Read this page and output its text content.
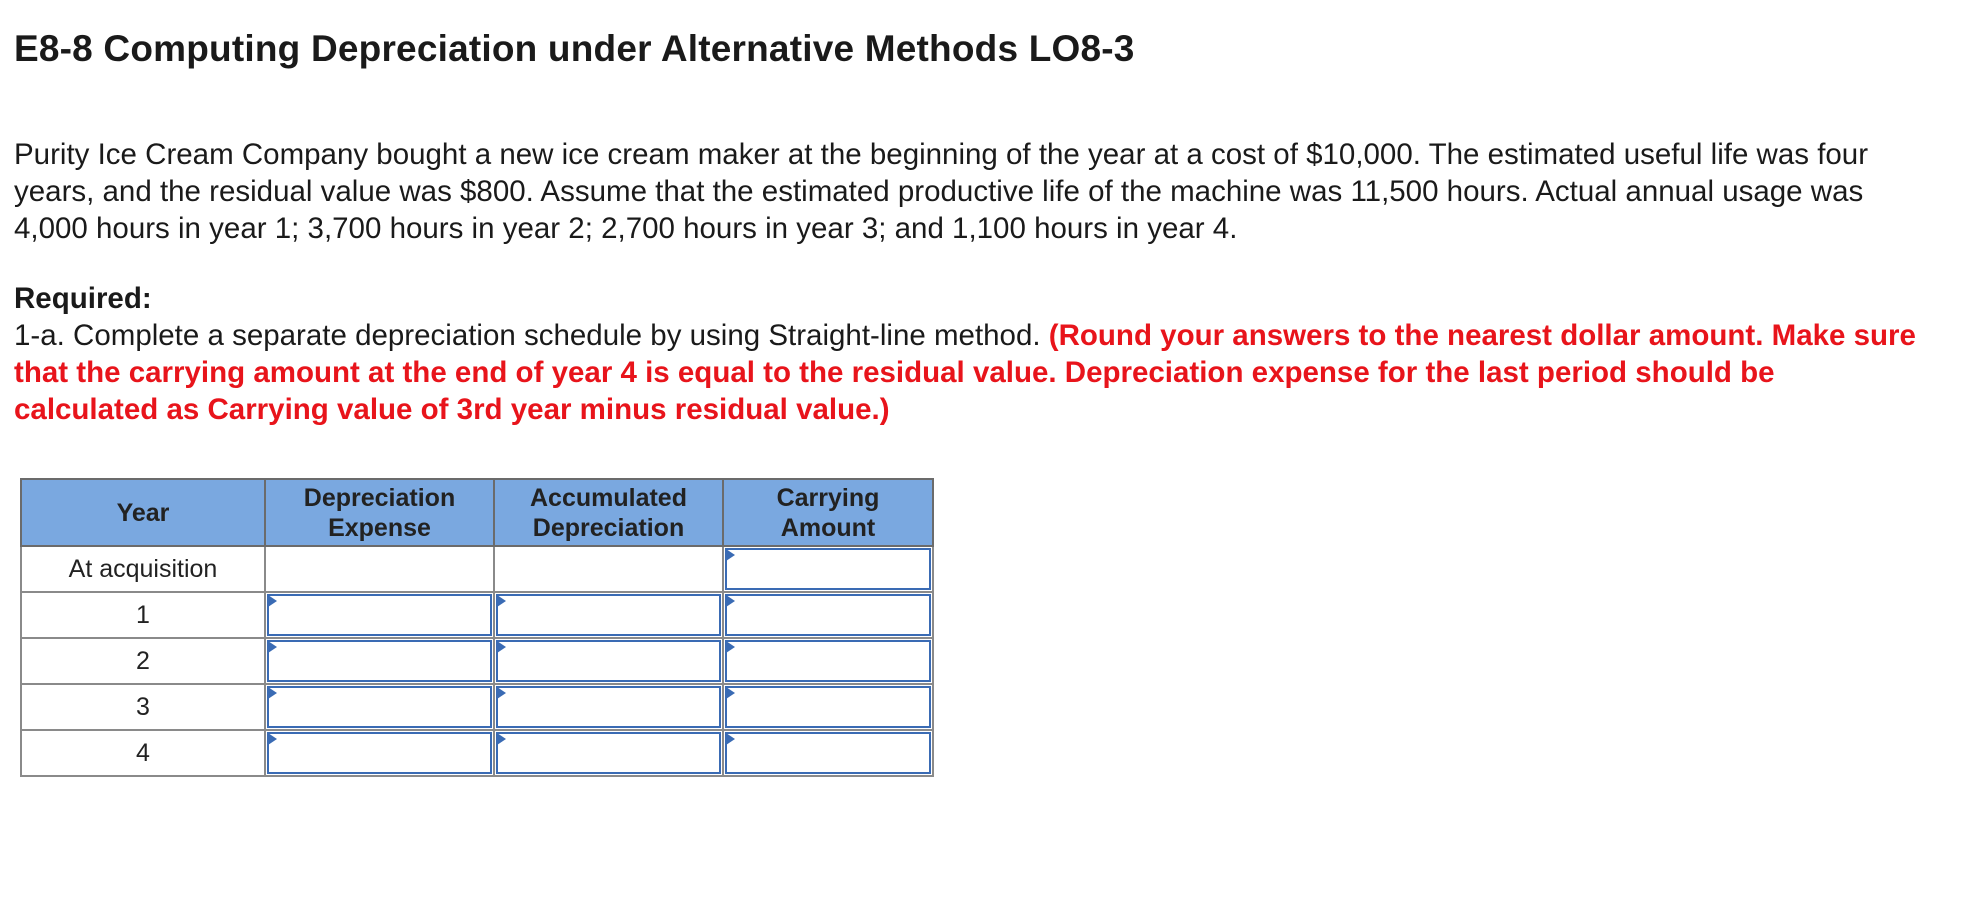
E8-8 Computing Depreciation under Alternative Methods LO8-3

Purity Ice Cream Company bought a new ice cream maker at the beginning of the year at a cost of $10,000. The estimated useful life was four years, and the residual value was $800. Assume that the estimated productive life of the machine was 11,500 hours. Actual annual usage was 4,000 hours in year 1; 3,700 hours in year 2; 2,700 hours in year 3; and 1,100 hours in year 4.

Required:

1-a. Complete a separate depreciation schedule by using Straight-line method. (Round your answers to the nearest dollar amount. Make sure that the carrying amount at the end of year 4 is equal to the residual value. Depreciation expense for the last period should be calculated as Carrying value of 3rd year minus residual value.)

Year	Depreciation Expense	Accumulated Depreciation	Carrying Amount
At acquisition			

1	

2	

3	

4	
